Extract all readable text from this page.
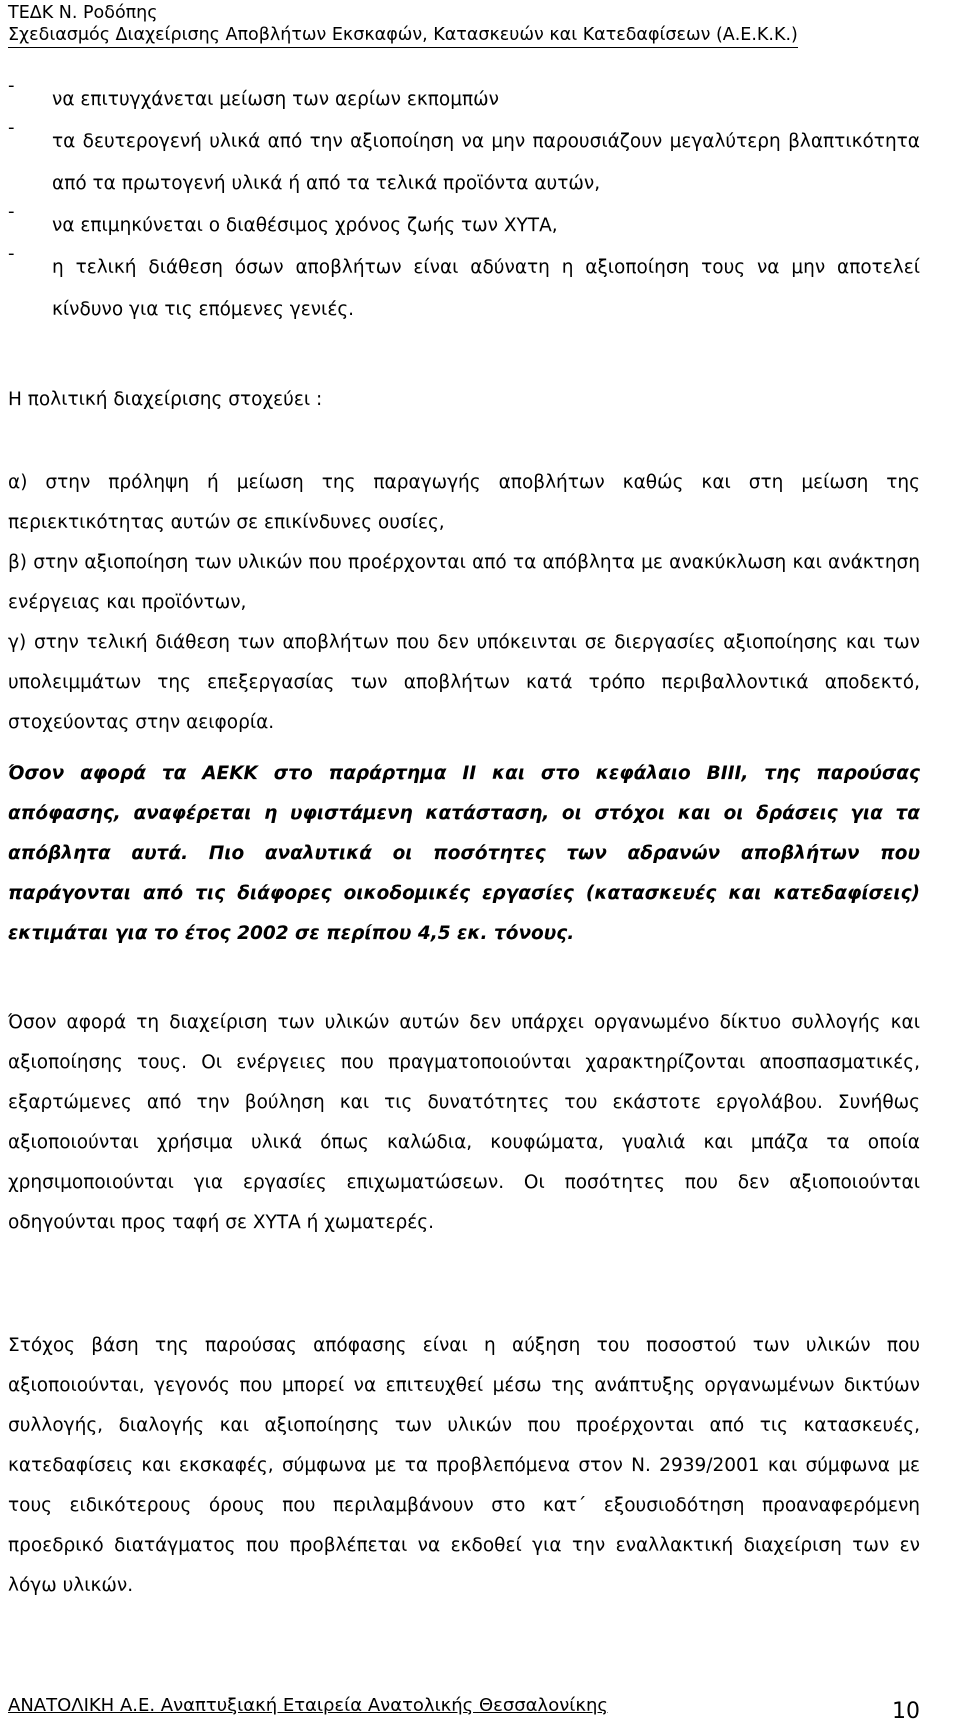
ΤΕΔΚ Ν. Ροδόπης
Σχεδιασμός Διαχείρισης Αποβλήτων Εκσκαφών, Κατασκευών και Κατεδαφίσεων (Α.Ε.Κ.Κ.)
-
να επιτυγχάνεται μείωση των αερίων εκπομπών
-
τα δευτερογενή υλικά από την αξιοποίηση να μην παρουσιάζουν μεγαλύτερη βλαπτικότητα από τα πρωτογενή υλικά ή από τα τελικά προϊόντα αυτών,
-
να επιμηκύνεται ο διαθέσιμος χρόνος ζωής των ΧΥΤΑ,
-
η τελική διάθεση όσων αποβλήτων είναι αδύνατη η αξιοποίηση τους να μην αποτελεί κίνδυνο για τις επόμενες γενιές.

Η πολιτική διαχείρισης στοχεύει :

α) στην πρόληψη ή μείωση της παραγωγής αποβλήτων καθώς και στη μείωση της περιεκτικότητας αυτών σε επικίνδυνες ουσίες,

β) στην αξιοποίηση των υλικών που προέρχονται από τα απόβλητα με ανακύκλωση και ανάκτηση ενέργειας και προϊόντων,

γ) στην τελική διάθεση των αποβλήτων που δεν υπόκεινται σε διεργασίες αξιοποίησης και των υπολειμμάτων της επεξεργασίας των αποβλήτων κατά τρόπο περιβαλλοντικά αποδεκτό, στοχεύοντας στην αειφορία.

Όσον αφορά τα ΑΕΚΚ στο παράρτημα ΙΙ και στο κεφάλαιο ΒΙΙΙ, της παρούσας απόφασης, αναφέρεται η υφιστάμενη κατάσταση, οι στόχοι και οι δράσεις για τα απόβλητα αυτά. Πιο αναλυτικά οι ποσότητες των αδρανών αποβλήτων που παράγονται από τις διάφορες οικοδομικές εργασίες (κατασκευές και κατεδαφίσεις) εκτιμάται για το έτος 2002 σε περίπου 4,5 εκ. τόνους.

Όσον αφορά τη διαχείριση των υλικών αυτών δεν υπάρχει οργανωμένο δίκτυο συλλογής και αξιοποίησης τους. Οι ενέργειες που πραγματοποιούνται χαρακτηρίζονται αποσπασματικές, εξαρτώμενες από την βούληση και τις δυνατότητες του εκάστοτε εργολάβου. Συνήθως αξιοποιούνται χρήσιμα υλικά όπως καλώδια, κουφώματα, γυαλιά και μπάζα τα οποία χρησιμοποιούνται για εργασίες επιχωματώσεων. Οι ποσότητες που δεν αξιοποιούνται οδηγούνται προς ταφή σε ΧΥΤΑ ή χωματερές.

Στόχος βάση της παρούσας απόφασης είναι η αύξηση του ποσοστού των υλικών που αξιοποιούνται, γεγονός που μπορεί να επιτευχθεί μέσω της ανάπτυξης οργανωμένων δικτύων συλλογής, διαλογής και αξιοποίησης των υλικών που προέρχονται από τις κατασκευές, κατεδαφίσεις και εκσκαφές, σύμφωνα με τα προβλεπόμενα στον Ν. 2939/2001 και σύμφωνα με τους ειδικότερους όρους που περιλαμβάνουν στο κατ΄ εξουσιοδότηση προαναφερόμενη προεδρικό διατάγματος που προβλέπεται να εκδοθεί για την εναλλακτική διαχείριση των εν λόγω υλικών.

ΑΝΑΤΟΛΙΚΗ Α.Ε. Αναπτυξιακή Εταιρεία Ανατολικής Θεσσαλονίκης	10
